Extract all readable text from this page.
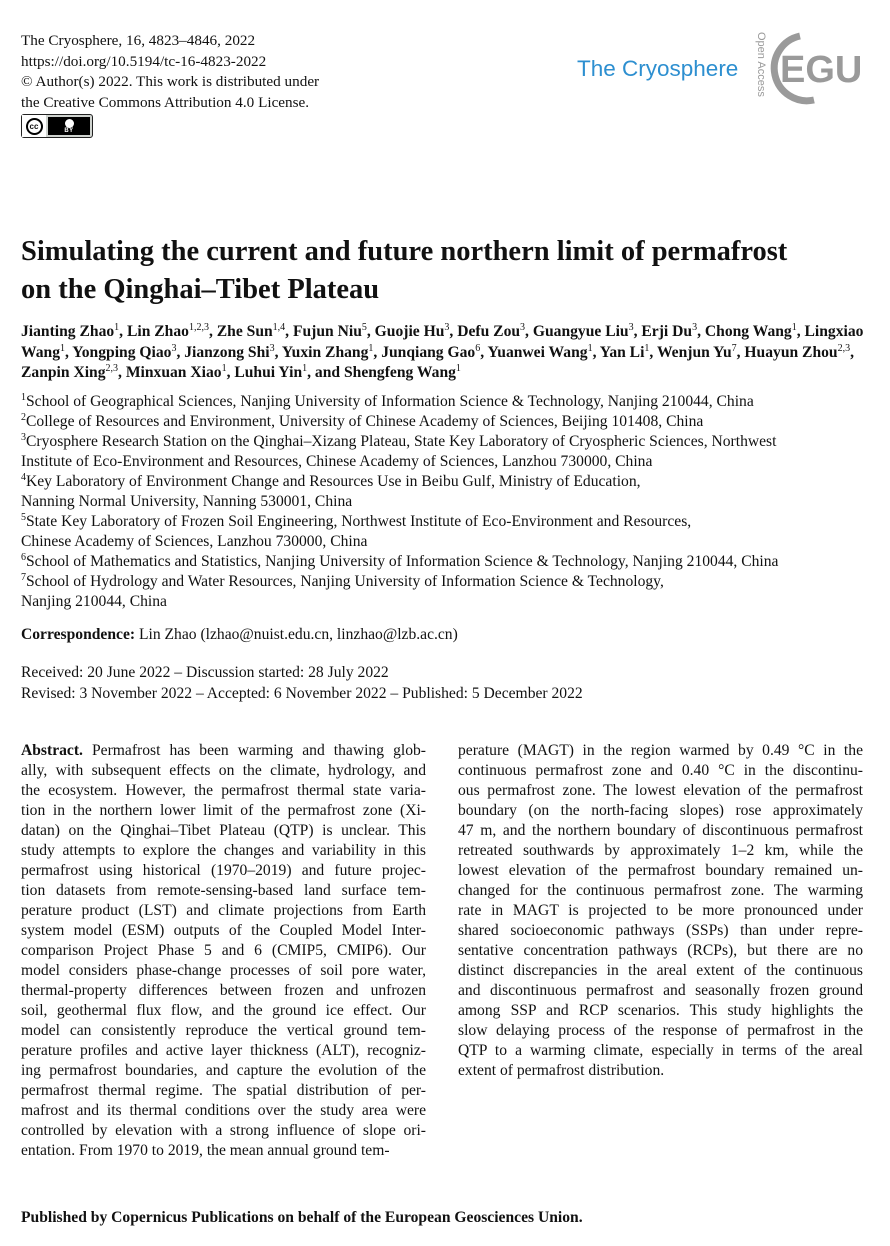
The Cryosphere, 16, 4823–4846, 2022
https://doi.org/10.5194/tc-16-4823-2022
© Author(s) 2022. This work is distributed under
the Creative Commons Attribution 4.0 License.
cc	BY
The Cryosphere Open Access EGU
Simulating the current and future northern limit of permafrost
on the Qinghai–Tibet Plateau
Jianting Zhao$^1$, Lin Zhao$^{1,2,3}$, Zhe Sun$^{1,4}$, Fujun Niu$^5$, Guojie Hu$^3$, Defu Zou$^3$, Guangyue Liu$^3$, Erji Du$^3$, Chong Wang$^1$, Lingxiao Wang$^1$, Yongping Qiao$^3$, Jianzong Shi$^3$, Yuxin Zhang$^1$, Junqiang Gao$^6$, Yuanwei Wang$^1$, Yan Li$^1$, Wenjun Yu$^7$, Huayun Zhou$^{2,3}$, Zanpin Xing$^{2,3}$, Minxuan Xiao$^1$, Luhui Yin$^1$, and Shengfeng Wang$^1$
$^1$School of Geographical Sciences, Nanjing University of Information Science & Technology, Nanjing 210044, China
$^2$College of Resources and Environment, University of Chinese Academy of Sciences, Beijing 101408, China
$^3$Cryosphere Research Station on the Qinghai–Xizang Plateau, State Key Laboratory of Cryospheric Sciences, Northwest
Institute of Eco-Environment and Resources, Chinese Academy of Sciences, Lanzhou 730000, China
$^4$Key Laboratory of Environment Change and Resources Use in Beibu Gulf, Ministry of Education,
Nanning Normal University, Nanning 530001, China
$^5$State Key Laboratory of Frozen Soil Engineering, Northwest Institute of Eco-Environment and Resources,
Chinese Academy of Sciences, Lanzhou 730000, China
$^6$School of Mathematics and Statistics, Nanjing University of Information Science & Technology, Nanjing 210044, China
$^7$School of Hydrology and Water Resources, Nanjing University of Information Science & Technology,
Nanjing 210044, China
Correspondence: Lin Zhao (lzhao@nuist.edu.cn, linzhao@lzb.ac.cn)
Received: 20 June 2022 – Discussion started: 28 July 2022
Revised: 3 November 2022 – Accepted: 6 November 2022 – Published: 5 December 2022
Abstract. Permafrost has been warming and thawing glob-
ally, with subsequent effects on the climate, hydrology, and
the ecosystem. However, the permafrost thermal state varia-
tion in the northern lower limit of the permafrost zone (Xi-
datan) on the Qinghai–Tibet Plateau (QTP) is unclear. This
study attempts to explore the changes and variability in this
permafrost using historical (1970–2019) and future projec-
tion datasets from remote-sensing-based land surface tem-
perature product (LST) and climate projections from Earth
system model (ESM) outputs of the Coupled Model Inter-
comparison Project Phase 5 and 6 (CMIP5, CMIP6). Our
model considers phase-change processes of soil pore water,
thermal-property differences between frozen and unfrozen
soil, geothermal flux flow, and the ground ice effect. Our
model can consistently reproduce the vertical ground tem-
perature profiles and active layer thickness (ALT), recogniz-
ing permafrost boundaries, and capture the evolution of the
permafrost thermal regime. The spatial distribution of per-
mafrost and its thermal conditions over the study area were
controlled by elevation with a strong influence of slope ori-
entation. From 1970 to 2019, the mean annual ground tem-
perature (MAGT) in the region warmed by 0.49 °C in the
continuous permafrost zone and 0.40 °C in the discontinu-
ous permafrost zone. The lowest elevation of the permafrost
boundary (on the north-facing slopes) rose approximately
47 m, and the northern boundary of discontinuous permafrost
retreated southwards by approximately 1–2 km, while the
lowest elevation of the permafrost boundary remained un-
changed for the continuous permafrost zone. The warming
rate in MAGT is projected to be more pronounced under
shared socioeconomic pathways (SSPs) than under repre-
sentative concentration pathways (RCPs), but there are no
distinct discrepancies in the areal extent of the continuous
and discontinuous permafrost and seasonally frozen ground
among SSP and RCP scenarios. This study highlights the
slow delaying process of the response of permafrost in the
QTP to a warming climate, especially in terms of the areal
extent of permafrost distribution.
Published by Copernicus Publications on behalf of the European Geosciences Union.
